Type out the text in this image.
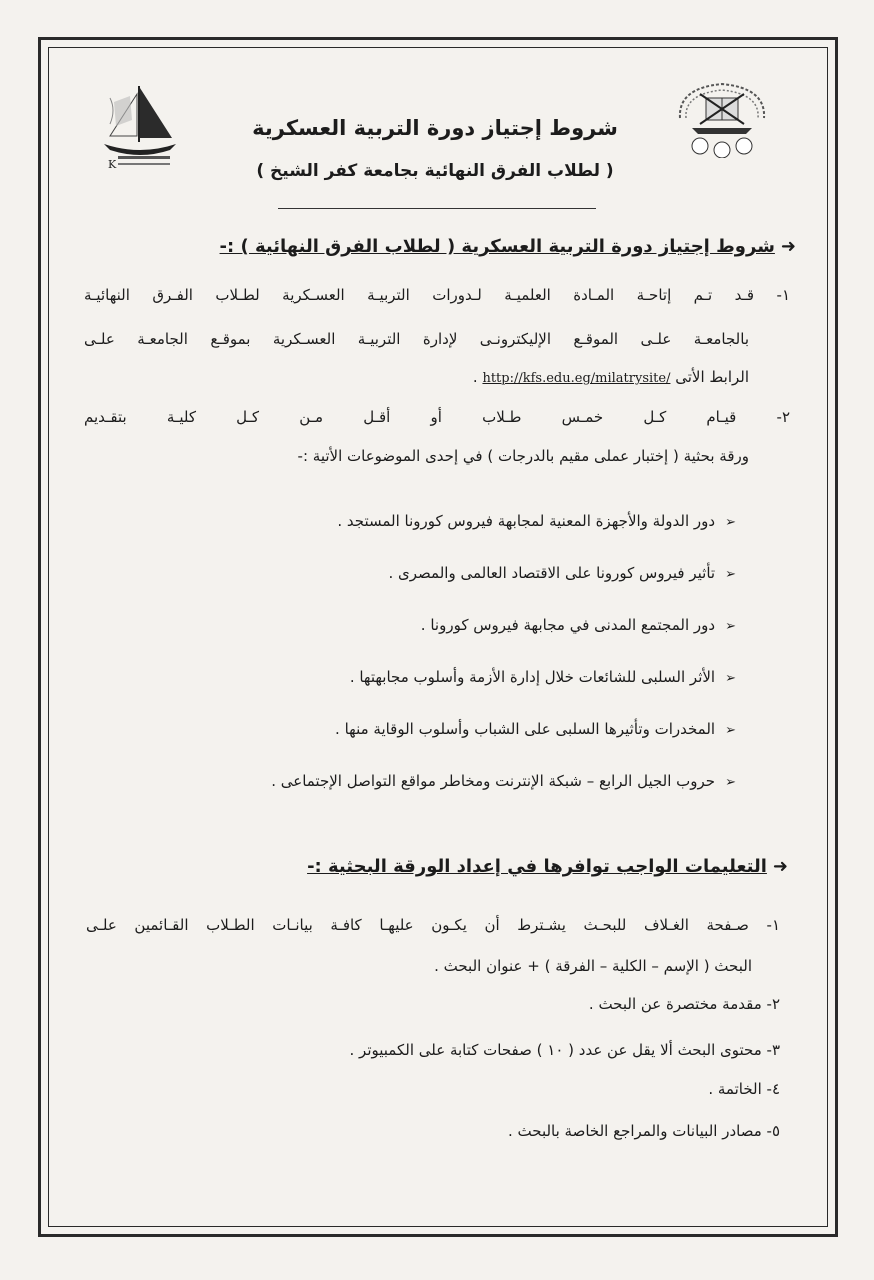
K
شروط إجتياز دورة التربية العسكرية
( لطلاب الفرق النهائية بجامعة كفر الشيخ )
➜شروط إجتياز دورة التربية العسكرية ( لطلاب الفرق النهائية ) :-
١- قـد تـم إتاحـة المـادة العلميـة لـدورات التربيـة العسـكرية لطـلاب الفـرق النهائيـة
بالجامعـة علـى الموقـع الإليكترونـى لإدارة التربيـة العسـكرية بموقـع الجامعـة علـى
الرابط الأتى http://kfs.edu.eg/milatrysite/ .
٢- قيـام كـل خمـس طـلاب أو أقـل مـن كـل كليـة بتقـديم
ورقة بحثية ( إختبار عملى مقيم بالدرجات ) في إحدى الموضوعات الأتية :-
➢دور الدولة والأجهزة المعنية لمجابهة فيروس كورونا المستجد .
➢تأثير فيروس كورونا على الاقتصاد العالمى والمصرى .
➢دور المجتمع المدنى في مجابهة فيروس كورونا .
➢الأثر السلبى للشائعات خلال إدارة الأزمة وأسلوب مجابهتها .
➢المخدرات وتأثيرها السلبى على الشباب وأسلوب الوقاية منها .
➢حروب الجيل الرابع – شبكة الإنترنت ومخاطر مواقع التواصل الإجتماعى .
➜التعليمات الواجب توافرها في إعداد الورقة البحثية :-
١- صـفحة الغـلاف للبحـث يشـترط أن يكـون عليهـا كافـة بيانـات الطـلاب القـائمين علـى
البحث ( الإسم – الكلية – الفرقة ) + عنوان البحث .
٢- مقدمة مختصرة عن البحث .
٣- محتوى البحث ألا يقل عن عدد ( ١٠ ) صفحات كتابة على الكمبيوتر .
٤- الخاتمة .
٥- مصادر البيانات والمراجع الخاصة بالبحث .
